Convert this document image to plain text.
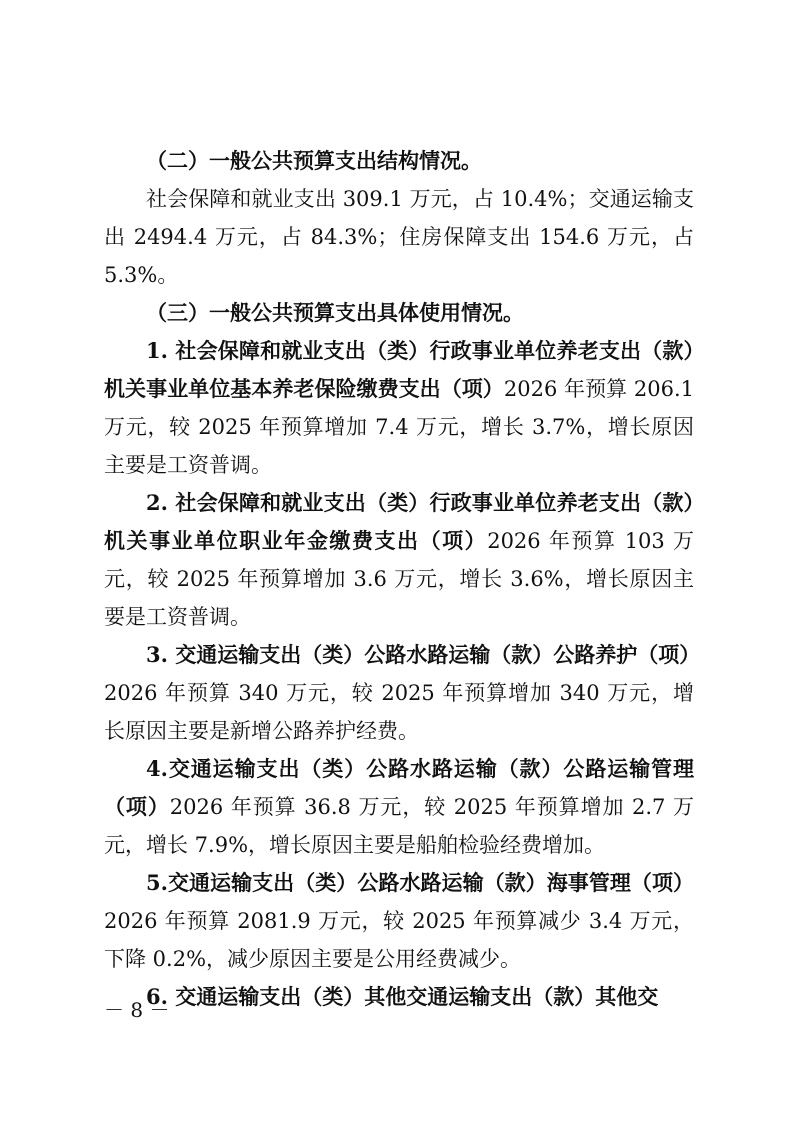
（二）一般公共预算支出结构情况。

社会保障和就业支出 309.1 万元，占 10.4%；交通运输支出 2494.4 万元，占 84.3%；住房保障支出 154.6 万元，占 5.3%。

（三）一般公共预算支出具体使用情况。

1. 社会保障和就业支出（类）行政事业单位养老支出（款）机关事业单位基本养老保险缴费支出（项）2026 年预算 206.1 万元，较 2025 年预算增加 7.4 万元，增长 3.7%，增长原因主要是工资普调。

2. 社会保障和就业支出（类）行政事业单位养老支出（款）机关事业单位职业年金缴费支出（项）2026 年预算 103 万元，较 2025 年预算增加 3.6 万元，增长 3.6%，增长原因主要是工资普调。

3. 交通运输支出（类）公路水路运输（款）公路养护（项）2026 年预算 340 万元，较 2025 年预算增加 340 万元，增长原因主要是新增公路养护经费。

4.交通运输支出（类）公路水路运输（款）公路运输管理（项）2026 年预算 36.8 万元，较 2025 年预算增加 2.7 万元，增长 7.9%，增长原因主要是船舶检验经费增加。

5.交通运输支出（类）公路水路运输（款）海事管理（项）2026 年预算 2081.9 万元，较 2025 年预算减少 3.4 万元，下降 0.2%，减少原因主要是公用经费减少。

6. 交通运输支出（类）其他交通运输支出（款）其他交

－ 8 －
